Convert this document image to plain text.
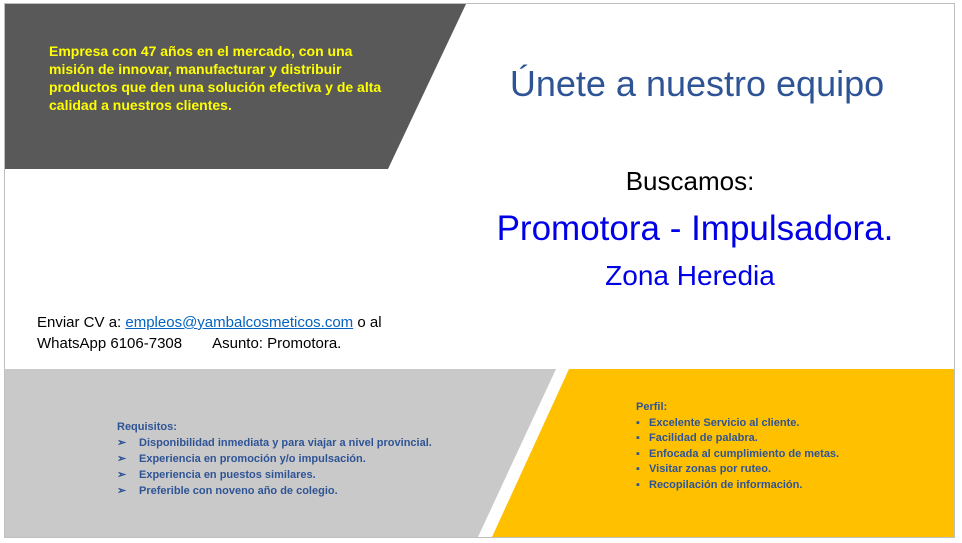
Empresa con 47 años en el mercado, con una misión de innovar, manufacturar y distribuir productos que den una solución efectiva y de alta calidad a nuestros clientes.
Únete a nuestro equipo
Buscamos:
Promotora - Impulsadora.
Zona Heredia
Enviar CV a: empleos@yambalcosmeticos.com o al
WhatsApp 6106-7308 Asunto: Promotora.
Requisitos:
➢ Disponibilidad inmediata y para viajar a nivel provincial.
➢ Experiencia en promoción y/o impulsación.
➢ Experiencia en puestos similares.
➢ Preferible con noveno año de colegio.
Perfil:
▪ Excelente Servicio al cliente.
▪ Facilidad de palabra.
▪ Enfocada al cumplimiento de metas.
▪ Visitar zonas por ruteo.
▪ Recopilación de información.
